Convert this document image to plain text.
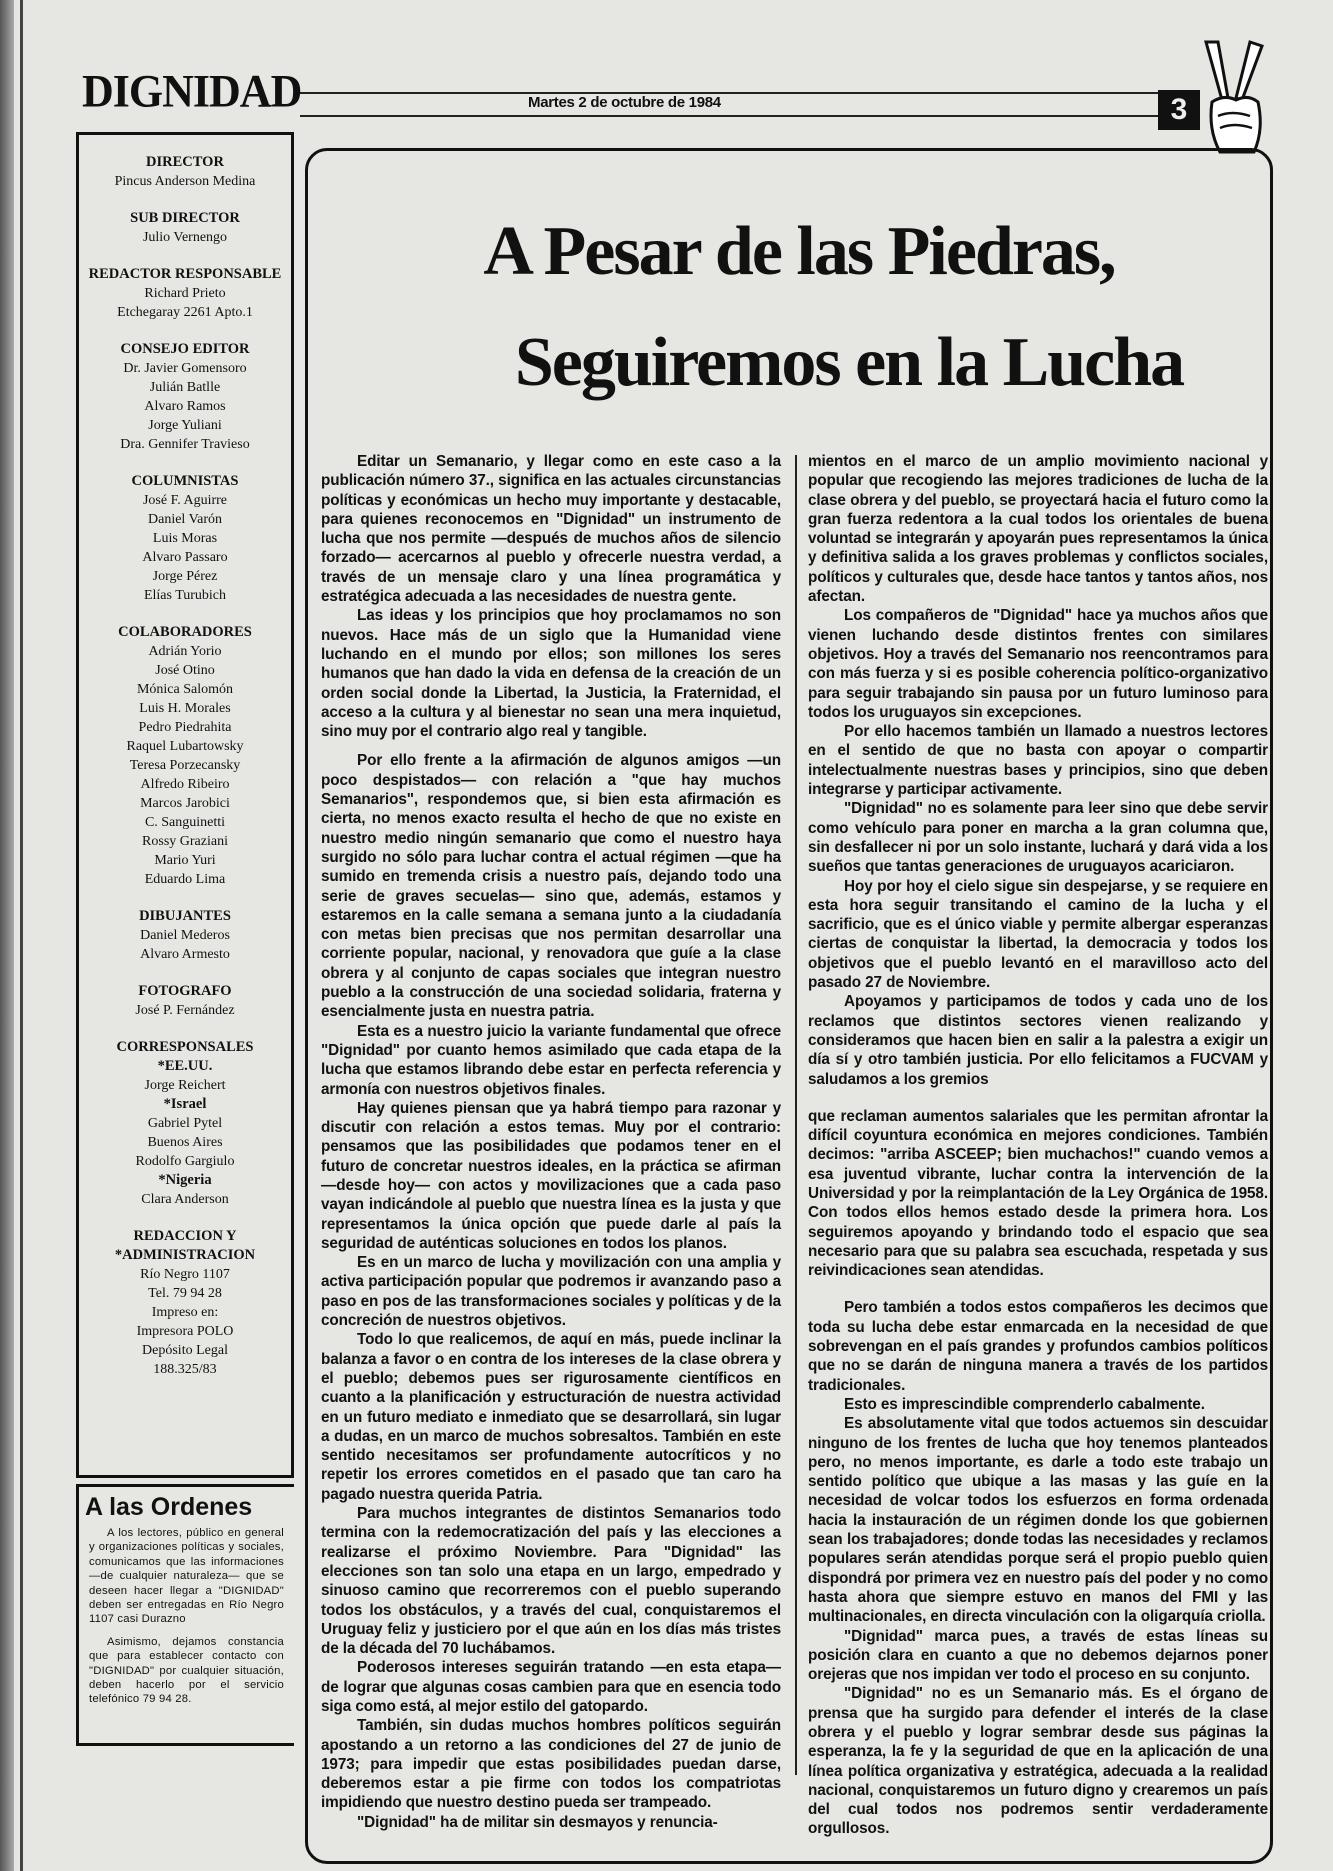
DIGNIDAD	Martes 2 de octubre de 1984	3
DIRECTOR
Pincus Anderson Medina
SUB DIRECTOR
Julio Vernengo
REDACTOR RESPONSABLE
Richard Prieto
Etchegaray 2261 Apto.1
CONSEJO EDITOR
Dr. Javier Gomensoro
Julián Batlle
Alvaro Ramos
Jorge Yuliani
Dra. Gennifer Travieso
COLUMNISTAS
José F. Aguirre
Daniel Varón
Luis Moras
Alvaro Passaro
Jorge Pérez
Elías Turubich
COLABORADORES
Adrián Yorio
José Otino
Mónica Salomón
Luis H. Morales
Pedro Piedrahita
Raquel Lubartowsky
Teresa Porzecansky
Alfredo Ribeiro
Marcos Jarobici
C. Sanguinetti
Rossy Graziani
Mario Yuri
Eduardo Lima
DIBUJANTES
Daniel Mederos
Alvaro Armesto
FOTOGRAFO
José P. Fernández
CORRESPONSALES
*EE.UU.
Jorge Reichert
*Israel
Gabriel Pytel
Buenos Aires
Rodolfo Gargiulo
*Nigeria
Clara Anderson
REDACCION Y
*ADMINISTRACION
Río Negro 1107
Tel. 79 94 28
Impreso en:
Impresora POLO
Depósito Legal
188.325/83
A las Ordenes

A los lectores, público en general y organizaciones políticas y sociales, comunicamos que las informaciones —de cualquier naturaleza— que se deseen hacer llegar a "DIGNIDAD" deben ser entregadas en Río Negro 1107 casi Durazno

Asimismo, dejamos constancia que para establecer contacto con "DIGNIDAD" por cualquier situación, deben hacerlo por el servicio telefónico 79 94 28.

A Pesar de las Piedras,
Seguiremos en la Lucha

Editar un Semanario, y llegar como en este caso a la publicación número 37., significa en las actuales circunstancias políticas y económicas un hecho muy importante y destacable, para quienes reconocemos en "Dignidad" un instrumento de lucha que nos permite —después de muchos años de silencio forzado— acercarnos al pueblo y ofrecerle nuestra verdad, a través de un mensaje claro y una línea programática y estratégica adecuada a las necesidades de nuestra gente.

Las ideas y los principios que hoy proclamamos no son nuevos. Hace más de un siglo que la Humanidad viene luchando en el mundo por ellos; son millones los seres humanos que han dado la vida en defensa de la creación de un orden social donde la Libertad, la Justicia, la Fraternidad, el acceso a la cultura y al bienestar no sean una mera inquietud, sino muy por el contrario algo real y tangible.

Por ello frente a la afirmación de algunos amigos —un poco despistados— con relación a "que hay muchos Semanarios", respondemos que, si bien esta afirmación es cierta, no menos exacto resulta el hecho de que no existe en nuestro medio ningún semanario que como el nuestro haya surgido no sólo para luchar contra el actual régimen —que ha sumido en tremenda crisis a nuestro país, dejando todo una serie de graves secuelas— sino que, además, estamos y estaremos en la calle semana a semana junto a la ciudadanía con metas bien precisas que nos permitan desarrollar una corriente popular, nacional, y renovadora que guíe a la clase obrera y al conjunto de capas sociales que integran nuestro pueblo a la construcción de una sociedad solidaria, fraterna y esencialmente justa en nuestra patria.

Esta es a nuestro juicio la variante fundamental que ofrece "Dignidad" por cuanto hemos asimilado que cada etapa de la lucha que estamos librando debe estar en perfecta referencia y armonía con nuestros objetivos finales.

Hay quienes piensan que ya habrá tiempo para razonar y discutir con relación a estos temas. Muy por el contrario: pensamos que las posibilidades que podamos tener en el futuro de concretar nuestros ideales, en la práctica se afirman —desde hoy— con actos y movilizaciones que a cada paso vayan indicándole al pueblo que nuestra línea es la justa y que representamos la única opción que puede darle al país la seguridad de auténticas soluciones en todos los planos.

Es en un marco de lucha y movilización con una amplia y activa participación popular que podremos ir avanzando paso a paso en pos de las transformaciones sociales y políticas y de la concreción de nuestros objetivos.

Todo lo que realicemos, de aquí en más, puede inclinar la balanza a favor o en contra de los intereses de la clase obrera y el pueblo; debemos pues ser rigurosamente científicos en cuanto a la planificación y estructuración de nuestra actividad en un futuro mediato e inmediato que se desarrollará, sin lugar a dudas, en un marco de muchos sobresaltos. También en este sentido necesitamos ser profundamente autocríticos y no repetir los errores cometidos en el pasado que tan caro ha pagado nuestra querida Patria.

Para muchos integrantes de distintos Semanarios todo termina con la redemocratización del país y las elecciones a realizarse el próximo Noviembre. Para "Dignidad" las elecciones son tan solo una etapa en un largo, empedrado y sinuoso camino que recorreremos con el pueblo superando todos los obstáculos, y a través del cual, conquistaremos el Uruguay feliz y justiciero por el que aún en los días más tristes de la década del 70 luchábamos.

Poderosos intereses seguirán tratando —en esta etapa— de lograr que algunas cosas cambien para que en esencia todo siga como está, al mejor estilo del gatopardo.

También, sin dudas muchos hombres políticos seguirán apostando a un retorno a las condiciones del 27 de junio de 1973; para impedir que estas posibilidades puedan darse, deberemos estar a pie firme con todos los compatriotas impidiendo que nuestro destino pueda ser trampeado.

"Dignidad" ha de militar sin desmayos y renuncia-

mientos en el marco de un amplio movimiento nacional y popular que recogiendo las mejores tradiciones de lucha de la clase obrera y del pueblo, se proyectará hacia el futuro como la gran fuerza redentora a la cual todos los orientales de buena voluntad se integrarán y apoyarán pues representamos la única y definitiva salida a los graves problemas y conflictos sociales, políticos y culturales que, desde hace tantos y tantos años, nos afectan.

Los compañeros de "Dignidad" hace ya muchos años que vienen luchando desde distintos frentes con similares objetivos. Hoy a través del Semanario nos reencontramos para con más fuerza y si es posible coherencia político-organizativo para seguir trabajando sin pausa por un futuro luminoso para todos los uruguayos sin excepciones.

Por ello hacemos también un llamado a nuestros lectores en el sentido de que no basta con apoyar o compartir intelectualmente nuestras bases y principios, sino que deben integrarse y participar activamente.

"Dignidad" no es solamente para leer sino que debe servir como vehículo para poner en marcha a la gran columna que, sin desfallecer ni por un solo instante, luchará y dará vida a los sueños que tantas generaciones de uruguayos acariciaron.

Hoy por hoy el cielo sigue sin despejarse, y se requiere en esta hora seguir transitando el camino de la lucha y el sacrificio, que es el único viable y permite albergar esperanzas ciertas de conquistar la libertad, la democracia y todos los objetivos que el pueblo levantó en el maravilloso acto del pasado 27 de Noviembre.

Apoyamos y participamos de todos y cada uno de los reclamos que distintos sectores vienen realizando y consideramos que hacen bien en salir a la palestra a exigir un día sí y otro también justicia. Por ello felicitamos a FUCVAM y saludamos a los gremios

que reclaman aumentos salariales que les permitan afrontar la difícil coyuntura económica en mejores condiciones. También decimos: "arriba ASCEEP; bien muchachos!" cuando vemos a esa juventud vibrante, luchar contra la intervención de la Universidad y por la reimplantación de la Ley Orgánica de 1958. Con todos ellos hemos estado desde la primera hora. Los seguiremos apoyando y brindando todo el espacio que sea necesario para que su palabra sea escuchada, respetada y sus reivindicaciones sean atendidas.

Pero también a todos estos compañeros les decimos que toda su lucha debe estar enmarcada en la necesidad de que sobrevengan en el país grandes y profundos cambios políticos que no se darán de ninguna manera a través de los partidos tradicionales.

Esto es imprescindible comprenderlo cabalmente.

Es absolutamente vital que todos actuemos sin descuidar ninguno de los frentes de lucha que hoy tenemos planteados pero, no menos importante, es darle a todo este trabajo un sentido político que ubique a las masas y las guíe en la necesidad de volcar todos los esfuerzos en forma ordenada hacia la instauración de un régimen donde los que gobiernen sean los trabajadores; donde todas las necesidades y reclamos populares serán atendidas porque será el propio pueblo quien dispondrá por primera vez en nuestro país del poder y no como hasta ahora que siempre estuvo en manos del FMI y las multinacionales, en directa vinculación con la oligarquía criolla.

"Dignidad" marca pues, a través de estas líneas su posición clara en cuanto a que no debemos dejarnos poner orejeras que nos impidan ver todo el proceso en su conjunto.

"Dignidad" no es un Semanario más. Es el órgano de prensa que ha surgido para defender el interés de la clase obrera y el pueblo y lograr sembrar desde sus páginas la esperanza, la fe y la seguridad de que en la aplicación de una línea política organizativa y estratégica, adecuada a la realidad nacional, conquistaremos un futuro digno y crearemos un país del cual todos nos podremos sentir verdaderamente orgullosos.
